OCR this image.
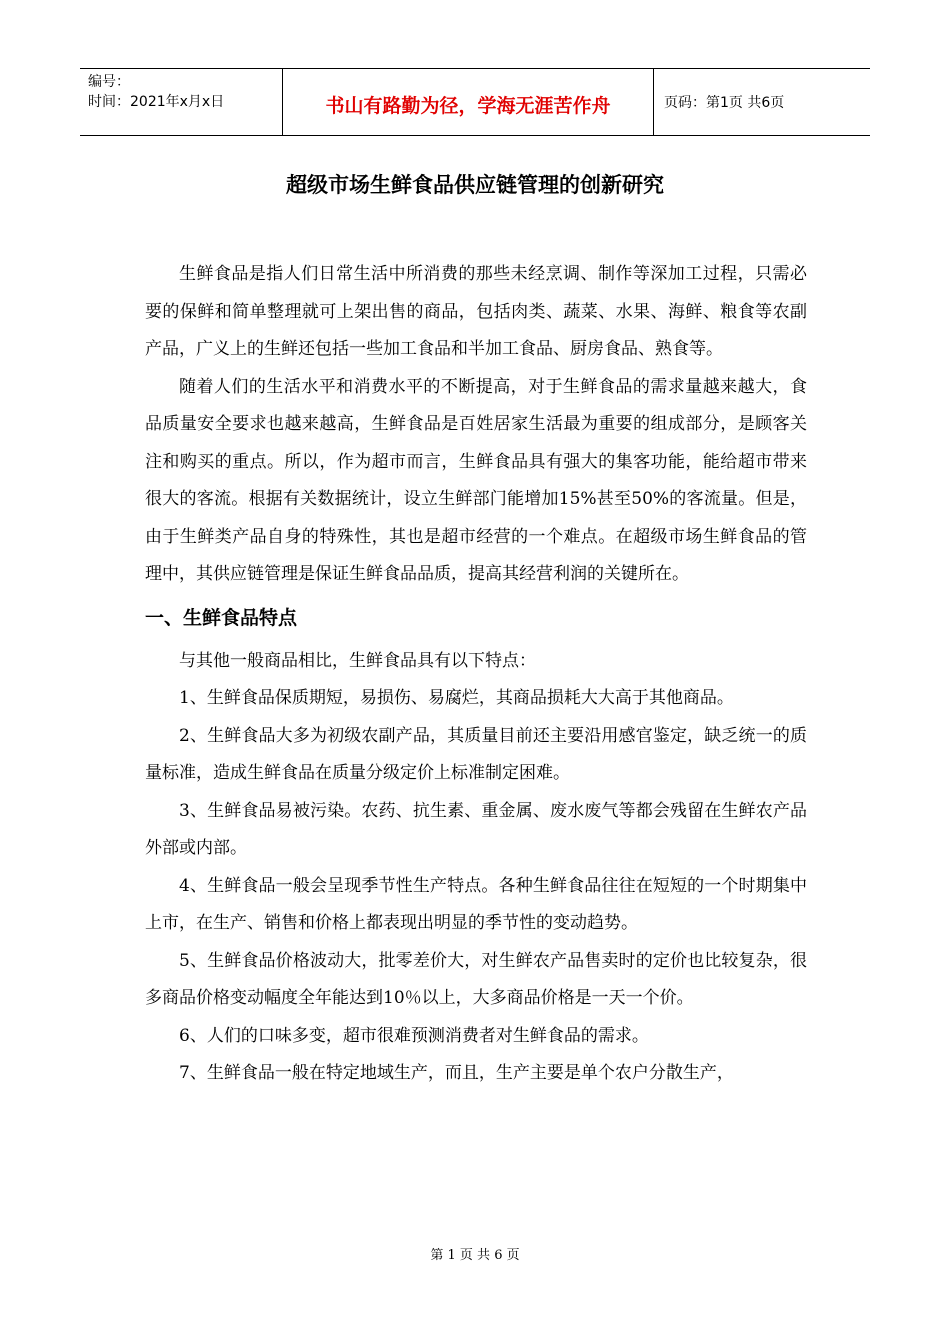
编号：
时间：2021年x月x日	书山有路勤为径，学海无涯苦作舟	页码：第1页 共6页
超级市场生鲜食品供应链管理的创新研究

生鲜食品是指人们日常生活中所消费的那些未经烹调、制作等深加工过程，只需必要的保鲜和简单整理就可上架出售的商品，包括肉类、蔬菜、水果、海鲜、粮食等农副产品，广义上的生鲜还包括一些加工食品和半加工食品、厨房食品、熟食等。

随着人们的生活水平和消费水平的不断提高，对于生鲜食品的需求量越来越大，食品质量安全要求也越来越高，生鲜食品是百姓居家生活最为重要的组成部分，是顾客关注和购买的重点。所以，作为超市而言，生鲜食品具有强大的集客功能，能给超市带来很大的客流。根据有关数据统计，设立生鲜部门能增加15%甚至50%的客流量。但是，由于生鲜类产品自身的特殊性，其也是超市经营的一个难点。在超级市场生鲜食品的管理中，其供应链管理是保证生鲜食品品质，提高其经营利润的关键所在。

一、生鲜食品特点

与其他一般商品相比，生鲜食品具有以下特点：

1、生鲜食品保质期短，易损伤、易腐烂，其商品损耗大大高于其他商品。

2、生鲜食品大多为初级农副产品，其质量目前还主要沿用感官鉴定，缺乏统一的质量标准，造成生鲜食品在质量分级定价上标准制定困难。

3、生鲜食品易被污染。农药、抗生素、重金属、废水废气等都会残留在生鲜农产品外部或内部。

4、生鲜食品一般会呈现季节性生产特点。各种生鲜食品往往在短短的一个时期集中上市，在生产、销售和价格上都表现出明显的季节性的变动趋势。

5、生鲜食品价格波动大，批零差价大，对生鲜农产品售卖时的定价也比较复杂，很多商品价格变动幅度全年能达到10％以上，大多商品价格是一天一个价。

6、人们的口味多变，超市很难预测消费者对生鲜食品的需求。

7、生鲜食品一般在特定地域生产，而且，生产主要是单个农户分散生产，

第 1 页 共 6 页
